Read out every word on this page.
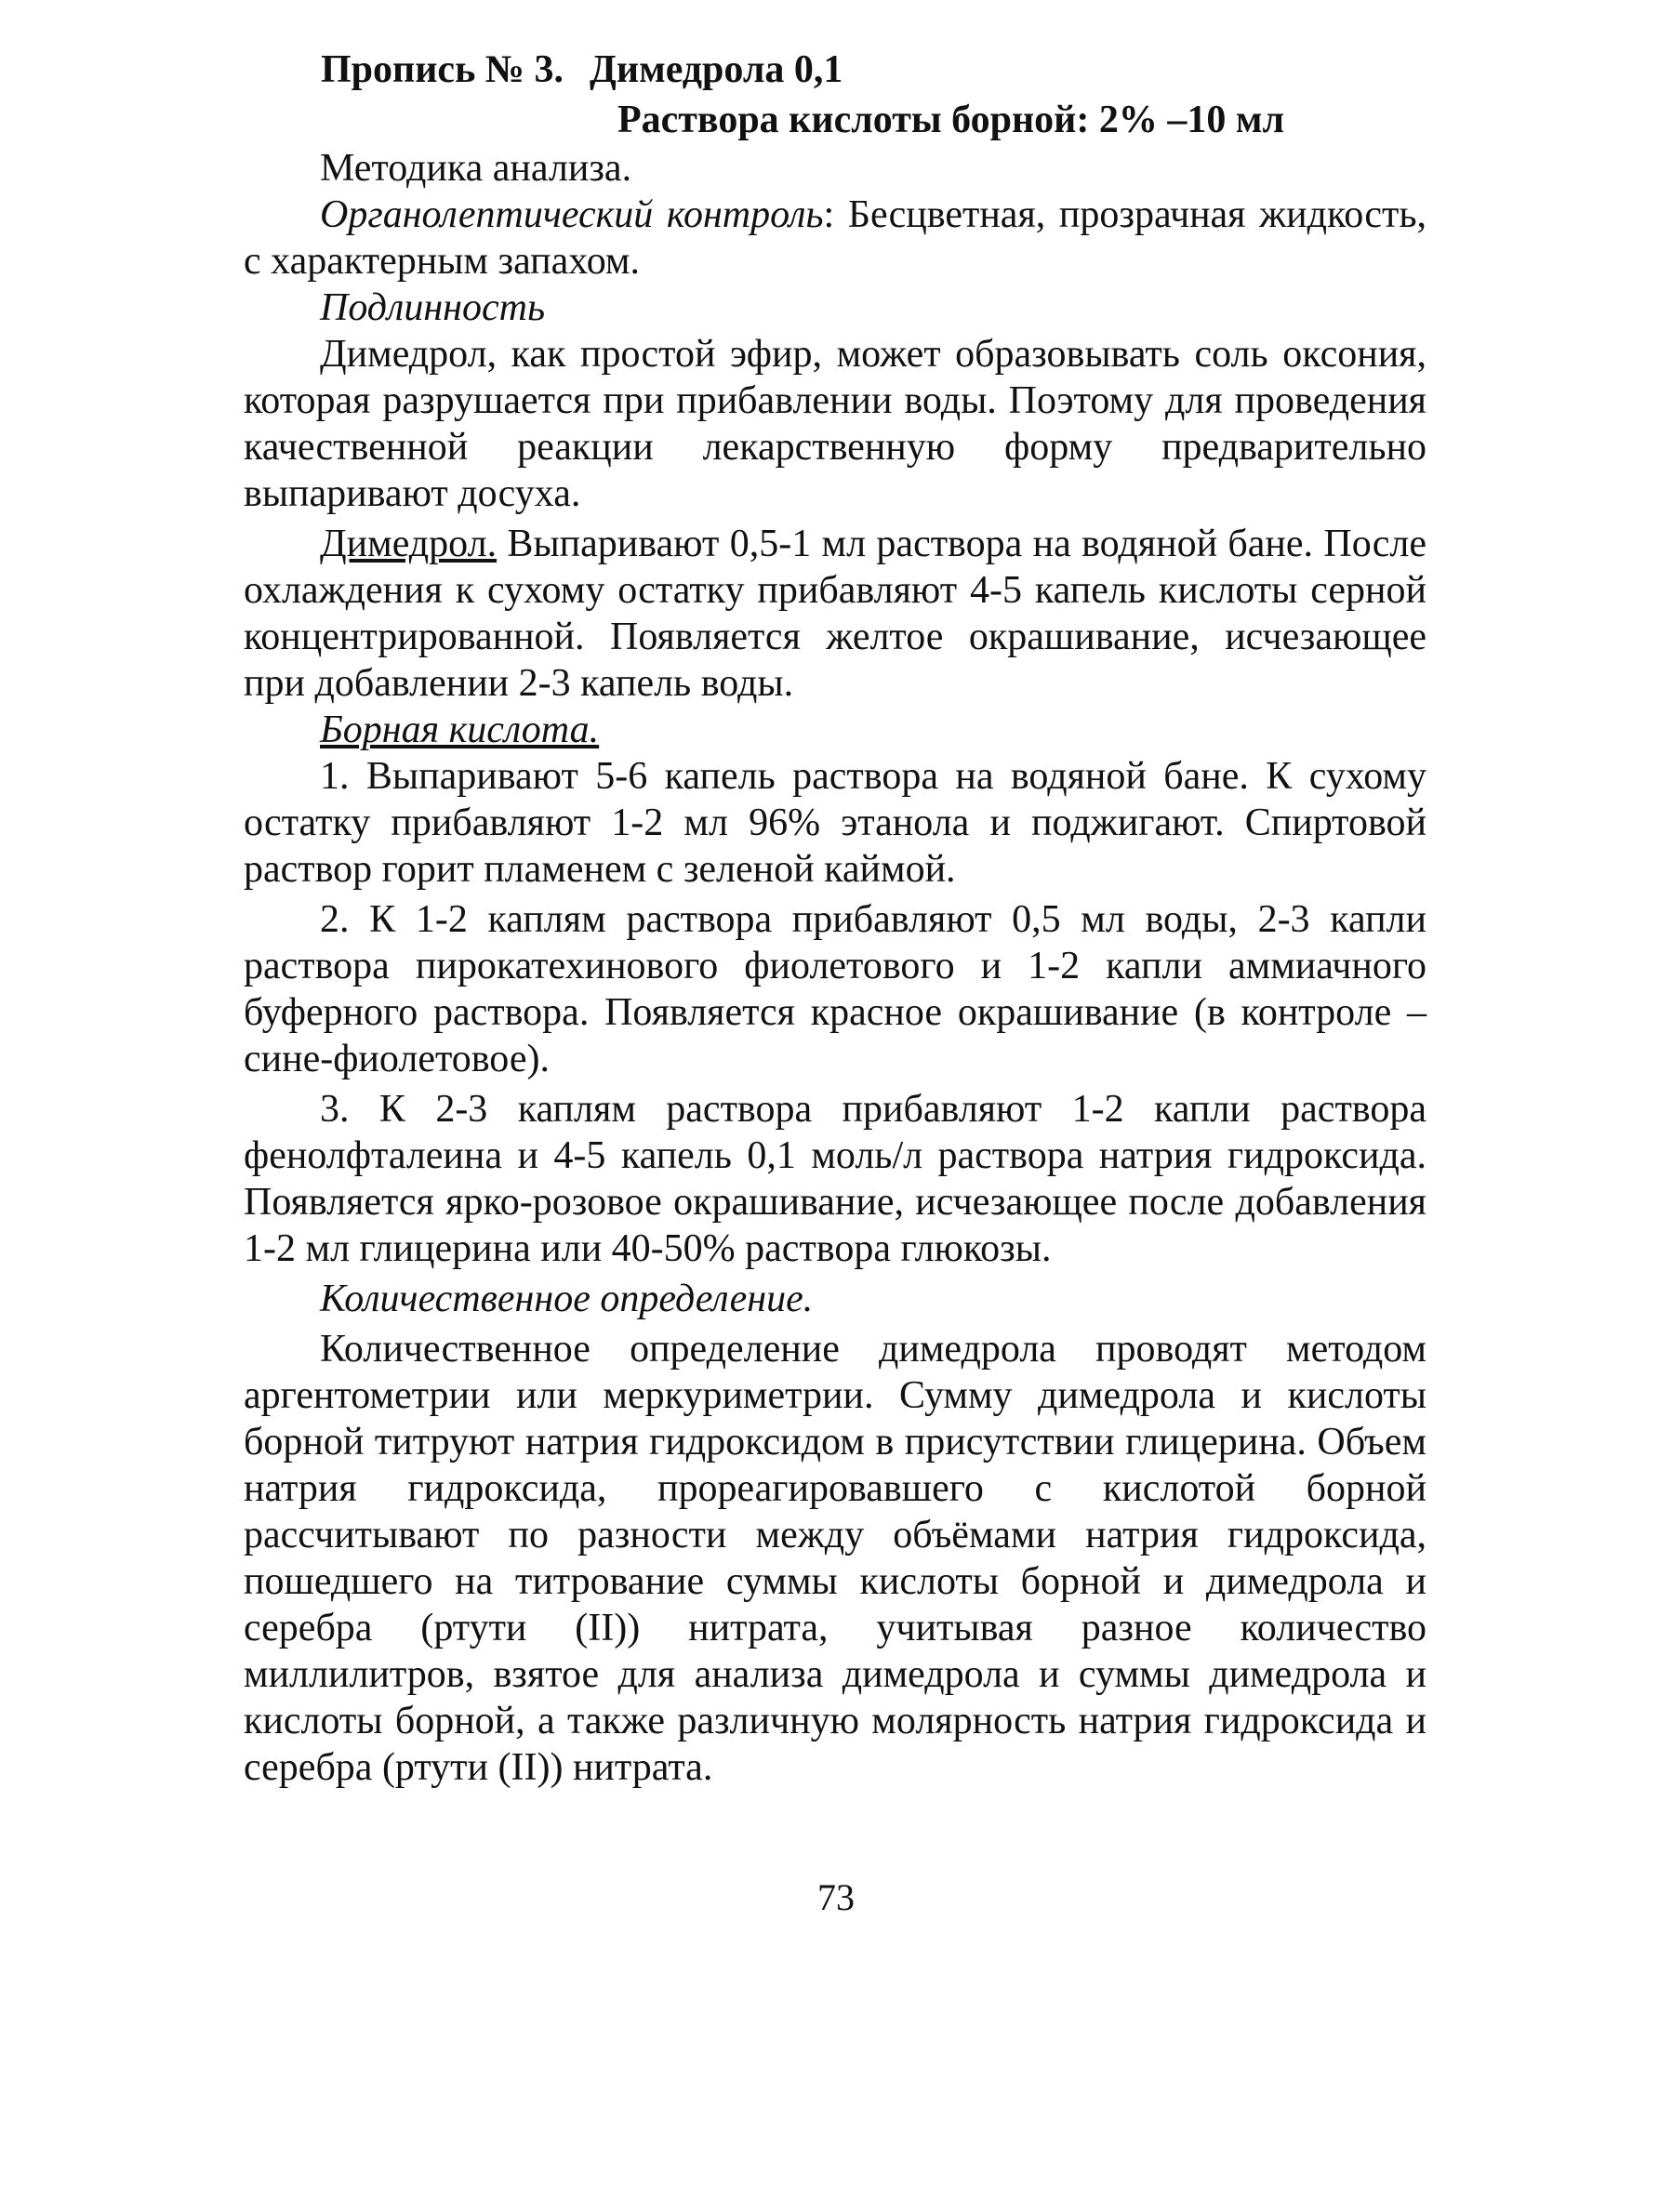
Пропись № 3. Димедрола 0,1
Раствора кислоты борной: 2% –10 мл

Методика анализа.

Органолептический контроль: Бесцветная, прозрачная жидкость, с характерным запахом.

Подлинность

Димедрол, как простой эфир, может образовывать соль оксония, которая разрушается при прибавлении воды. Поэтому для проведения качественной реакции лекарственную форму предварительно выпаривают досуха.

Димедрол. Выпаривают 0,5-1 мл раствора на водяной бане. После охлаждения к сухому остатку прибавляют 4-5 капель кислоты серной концентрированной. Появляется желтое окрашивание, исчезающее при добавлении 2-3 капель воды.

Борная кислота.

1. Выпаривают 5-6 капель раствора на водяной бане. К сухому остатку прибавляют 1-2 мл 96% этанола и поджигают. Спиртовой раствор горит пламенем с зеленой каймой.

2. К 1-2 каплям раствора прибавляют 0,5 мл воды, 2-3 капли раствора пирокатехинового фиолетового и 1-2 капли аммиачного буферного раствора. Появляется красное окрашивание (в контроле – сине-фиолетовое).

3. К 2-3 каплям раствора прибавляют 1-2 капли раствора фенолфталеина и 4-5 капель 0,1 моль/л раствора натрия гидроксида. Появляется ярко-розовое окрашивание, исчезающее после добавления 1-2 мл глицерина или 40-50% раствора глюкозы.

Количественное определение.

Количественное определение димедрола проводят методом аргентометрии или меркуриметрии. Сумму димедрола и кислоты борной титруют натрия гидроксидом в присутствии глицерина. Объем натрия гидроксида, прореагировавшего с кислотой борной рассчитывают по разности между объёмами натрия гидроксида, пошедшего на титрование суммы кислоты борной и димедрола и серебра (ртути (II)) нитрата, учитывая разное количество миллилитров, взятое для анализа димедрола и суммы димедрола и кислоты борной, а также различную молярность натрия гидроксида и серебра (ртути (II)) нитрата.

73
